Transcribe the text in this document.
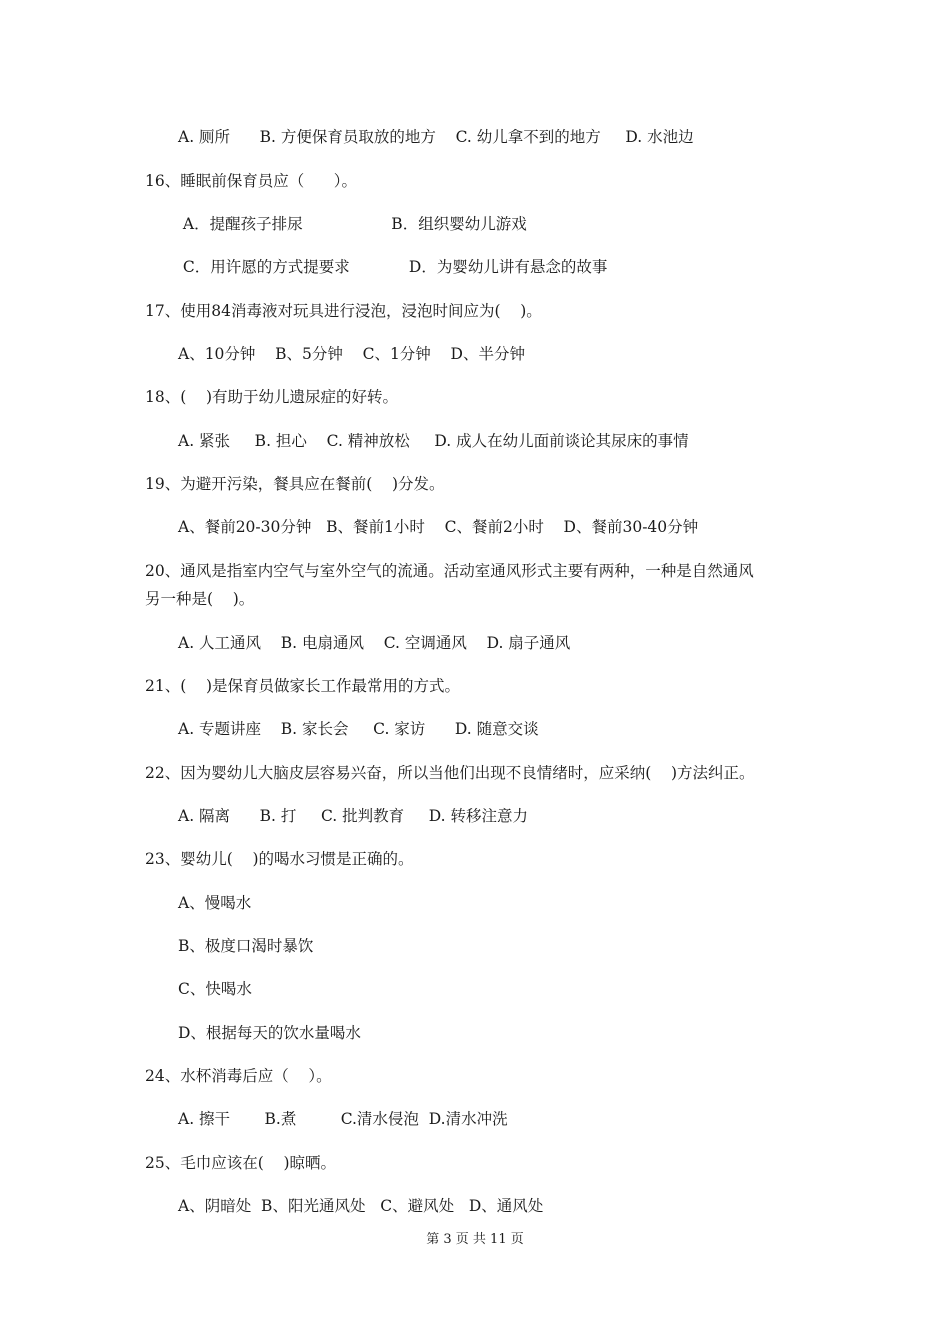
A. 厕所      B. 方便保育员取放的地方    C. 幼儿拿不到的地方     D. 水池边
16、睡眠前保育员应（      ）。
A．提醒孩子排尿                  B．组织婴幼儿游戏
C．用许愿的方式提要求            D．为婴幼儿讲有悬念的故事
17、使用84消毒液对玩具进行浸泡，浸泡时间应为(    )。
A、10分钟    B、5分钟    C、1分钟    D、半分钟
18、(    )有助于幼儿遗尿症的好转。
A. 紧张     B. 担心    C. 精神放松     D. 成人在幼儿面前谈论其尿床的事情
19、为避开污染，餐具应在餐前(    )分发。
A、餐前20-30分钟   B、餐前1小时    C、餐前2小时    D、餐前30-40分钟
20、通风是指室内空气与室外空气的流通。活动室通风形式主要有两种，一种是自然通风
另一种是(    )。
A. 人工通风    B. 电扇通风    C. 空调通风    D. 扇子通风
21、(    )是保育员做家长工作最常用的方式。
A. 专题讲座    B. 家长会     C. 家访      D. 随意交谈
22、因为婴幼儿大脑皮层容易兴奋，所以当他们出现不良情绪时，应采纳(    )方法纠正。
A. 隔离      B. 打     C. 批判教育     D. 转移注意力
23、婴幼儿(    )的喝水习惯是正确的。
A、慢喝水
B、极度口渴时暴饮
C、快喝水
D、根据每天的饮水量喝水
24、水杯消毒后应（    ）。
A. 擦干       B.煮         C.清水侵泡  D.清水冲洗
25、毛巾应该在(    )晾晒。
A、阴暗处  B、阳光通风处   C、避风处   D、通风处
第 3 页 共 11 页
